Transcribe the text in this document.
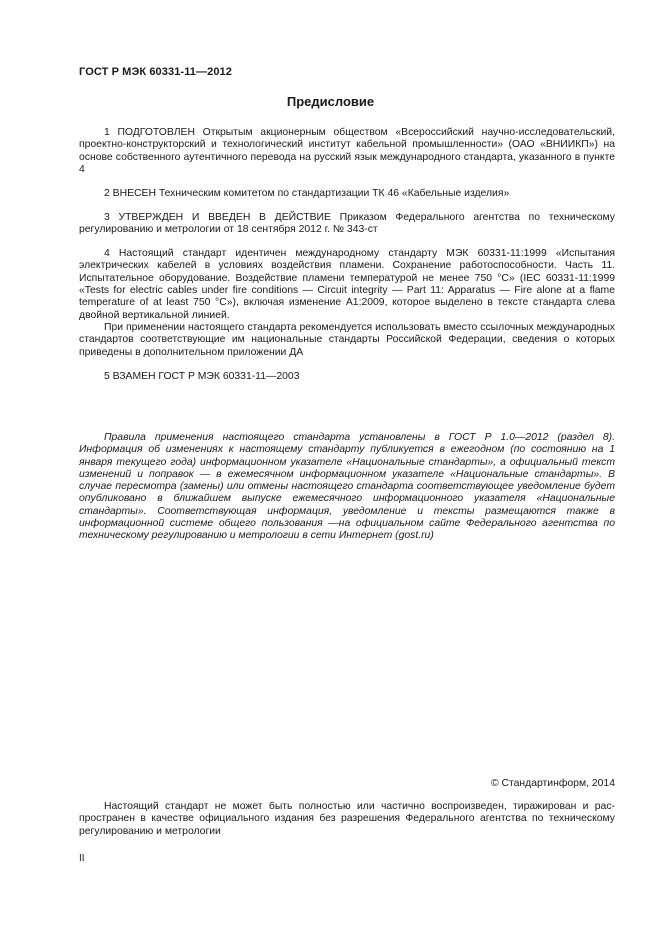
ГОСТ Р МЭК 60331-11—2012
Предисловие

1 ПОДГОТОВЛЕН Открытым акционерным обществом «Всероссийский научно-исследовательский, проектно-конструкторский и технологический институт кабельной промышленности» (ОАО «ВНИИКП») на основе собственного аутентичного перевода на русский язык международного стандарта, указанного в пункте 4

2 ВНЕСЕН Техническим комитетом по стандартизации ТК 46 «Кабельные изделия»

3 УТВЕРЖДЕН И ВВЕДЕН В ДЕЙСТВИЕ Приказом Федерального агентства по техническому регулированию и метрологии от 18 сентября 2012 г. № 343-ст

4 Настоящий стандарт идентичен международному стандарту МЭК 60331-11:1999 «Испытания электрических кабелей в условиях воздействия пламени. Сохранение работоспособности. Часть 11. Испытательное оборудование. Воздействие пламени температурой не менее 750 °С» (IEC 60331-11:1999 «Tests for electric cables under fire conditions — Circuit integrity — Part 11: Apparatus — Fire alone at a flame temperature of at least 750 °C»), включая изменение А1:2009, которое выделено в тексте стандарта слева двойной вертикальной линией.

При применении настоящего стандарта рекомендуется использовать вместо ссылочных международных стандартов соответствующие им национальные стандарты Российской Федерации, сведения о которых приведены в дополнительном приложении ДА

5 ВЗАМЕН ГОСТ Р МЭК 60331-11—2003

Правила применения настоящего стандарта установлены в ГОСТ Р 1.0—2012 (раздел 8). Информация об изменениях к настоящему стандарту публикуется в ежегодном (по состоянию на 1 января текущего года) информационном указателе «Национальные стандарты», а официальный текст изменений и поправок — в ежемесячном информационном указателе «Национальные стандарты». В случае пересмотра (замены) или отмены настоящего стандарта соответствующее уведомление будет опубликовано в ближайшем выпуске ежемесячного информационного указателя «Национальные стандарты». Соответствующая информация, уведомление и тексты размещаются также в информационной системе общего пользования —на официальном сайте Федерального агентства по техническому регулированию и метрологии в сети Интернет (gost.ru)

© Стандартинформ, 2014

Настоящий стандарт не может быть полностью или частично воспроизведен, тиражирован и распространен в качестве официального издания без разрешения Федерального агентства по техническому регулированию и метрологии

II
